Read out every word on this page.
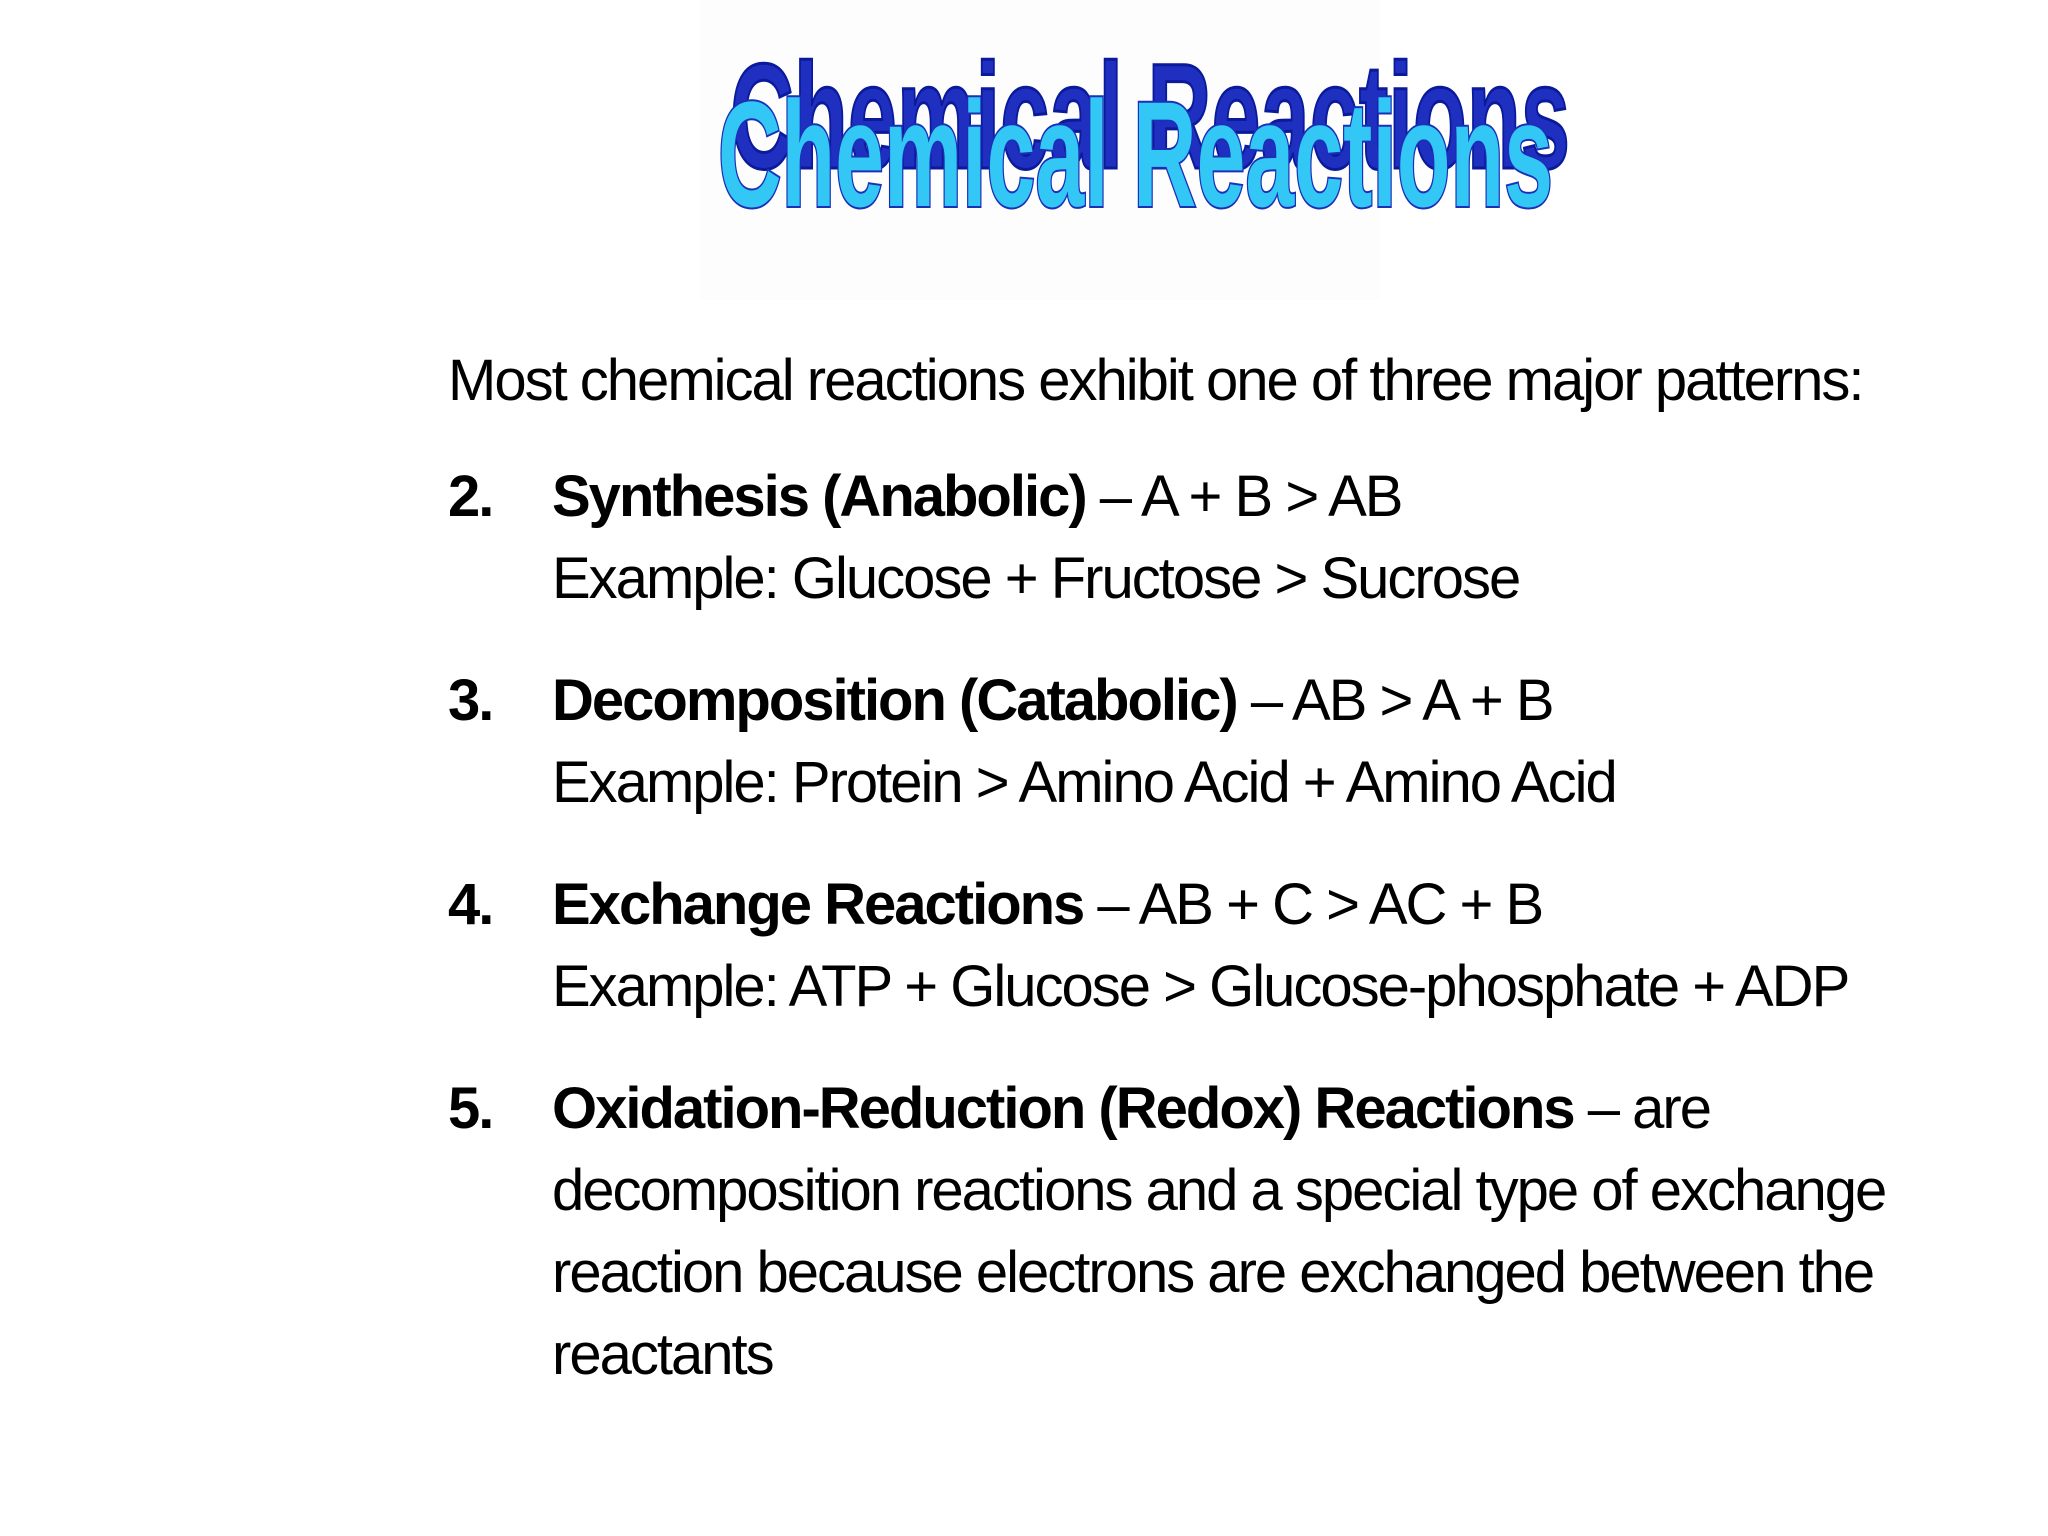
Chemical Reactions
Chemical Reactions
Most chemical reactions exhibit one of three major patterns:
2.	Synthesis (Anabolic) – A + B > AB
Example: Glucose + Fructose > Sucrose
3.	Decomposition (Catabolic) – AB > A + B
Example: Protein > Amino Acid + Amino Acid
4.	Exchange Reactions – AB + C > AC + B
Example: ATP + Glucose > Glucose-phosphate + ADP
5.	Oxidation-Reduction (Redox) Reactions – are decomposition reactions and a special type of exchange reaction because electrons are exchanged between the reactants
